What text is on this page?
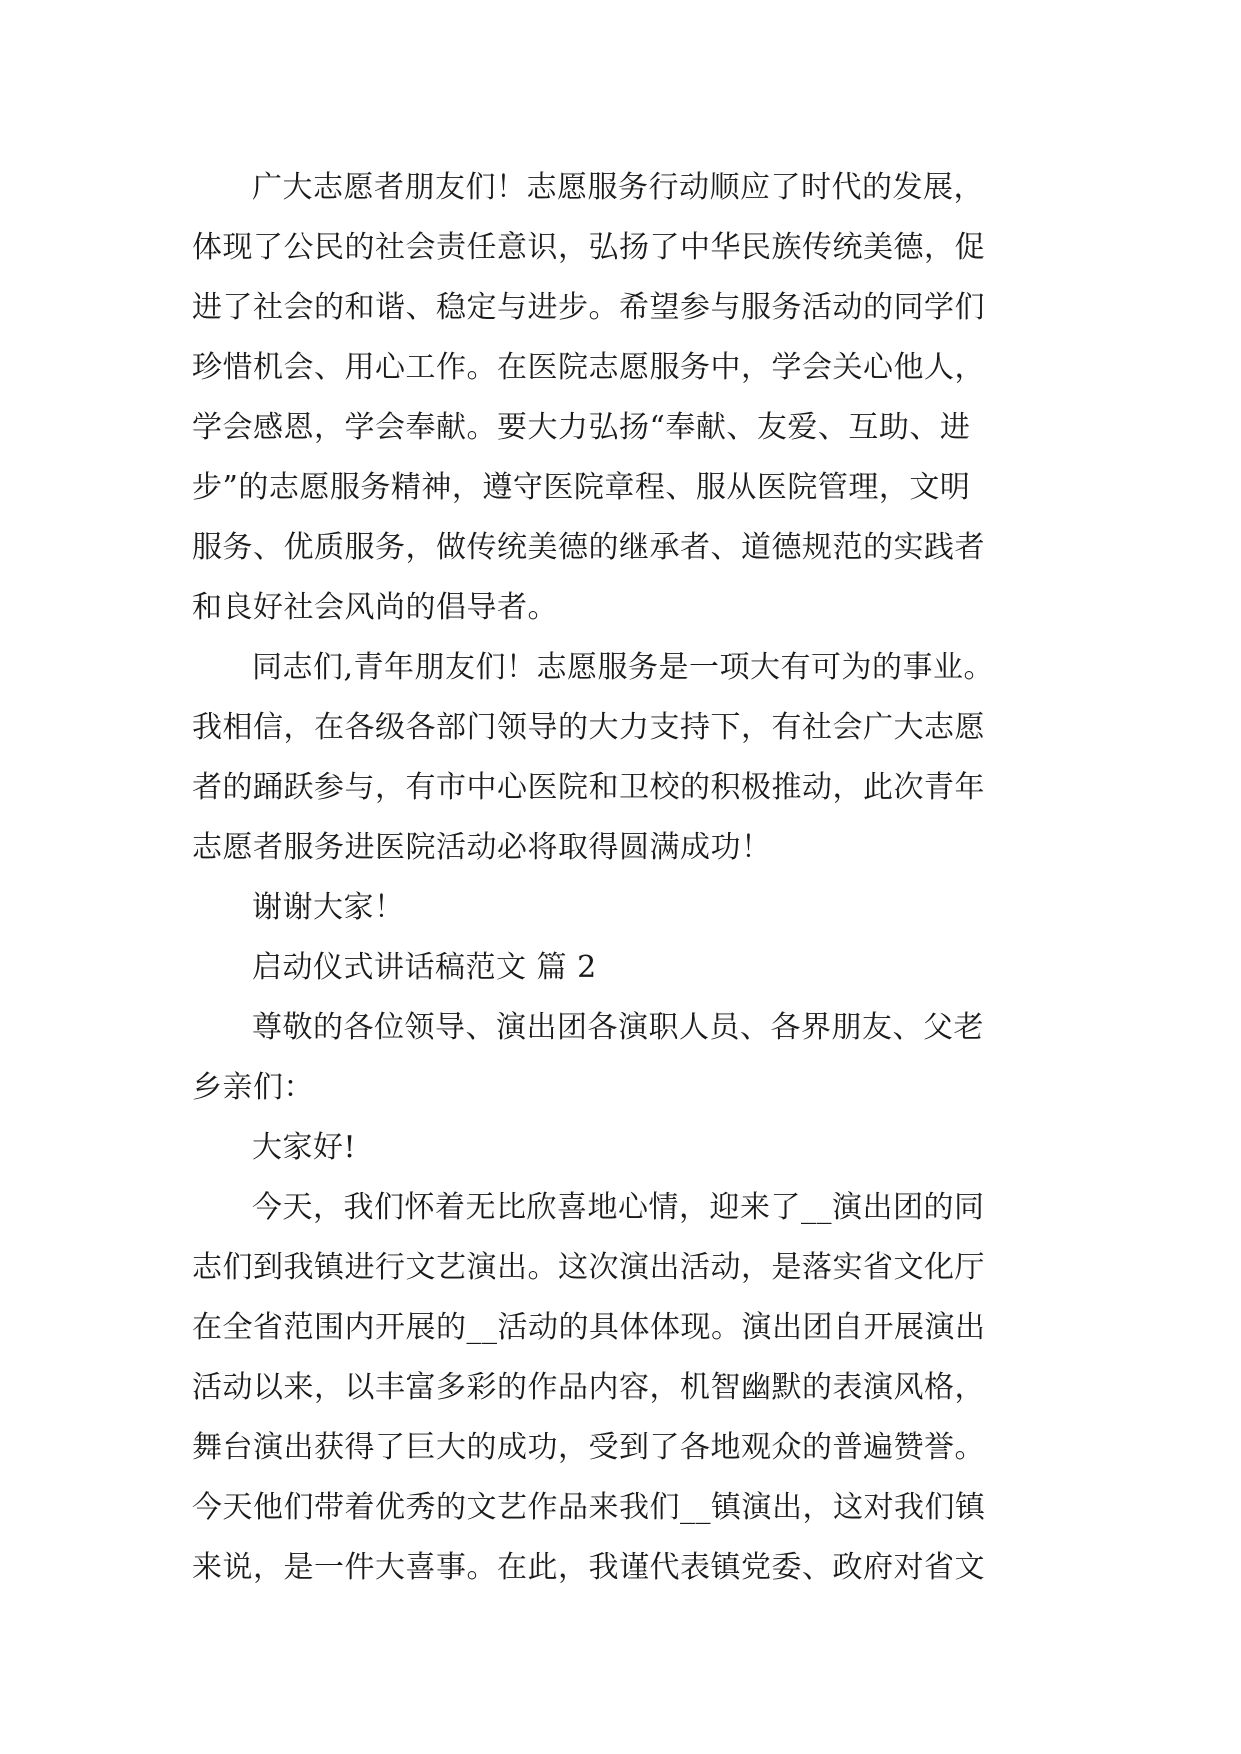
广大志愿者朋友们！志愿服务行动顺应了时代的发展，
体现了公民的社会责任意识，弘扬了中华民族传统美德，促
进了社会的和谐、稳定与进步。希望参与服务活动的同学们
珍惜机会、用心工作。在医院志愿服务中，学会关心他人，
学会感恩，学会奉献。要大力弘扬“奉献、友爱、互助、进
步”的志愿服务精神，遵守医院章程、服从医院管理，文明
服务、优质服务，做传统美德的继承者、道德规范的实践者
和良好社会风尚的倡导者。
同志们,青年朋友们！志愿服务是一项大有可为的事业。
我相信，在各级各部门领导的大力支持下，有社会广大志愿
者的踊跃参与，有市中心医院和卫校的积极推动，此次青年
志愿者服务进医院活动必将取得圆满成功！
谢谢大家！
启动仪式讲话稿范文 篇 2
尊敬的各位领导、演出团各演职人员、各界朋友、父老
乡亲们：
大家好!
今天，我们怀着无比欣喜地心情，迎来了__演出团的同
志们到我镇进行文艺演出。这次演出活动，是落实省文化厅
在全省范围内开展的__活动的具体体现。演出团自开展演出
活动以来，以丰富多彩的作品内容，机智幽默的表演风格，
舞台演出获得了巨大的成功，受到了各地观众的普遍赞誉。
今天他们带着优秀的文艺作品来我们__镇演出，这对我们镇
来说，是一件大喜事。在此，我谨代表镇党委、政府对省文
